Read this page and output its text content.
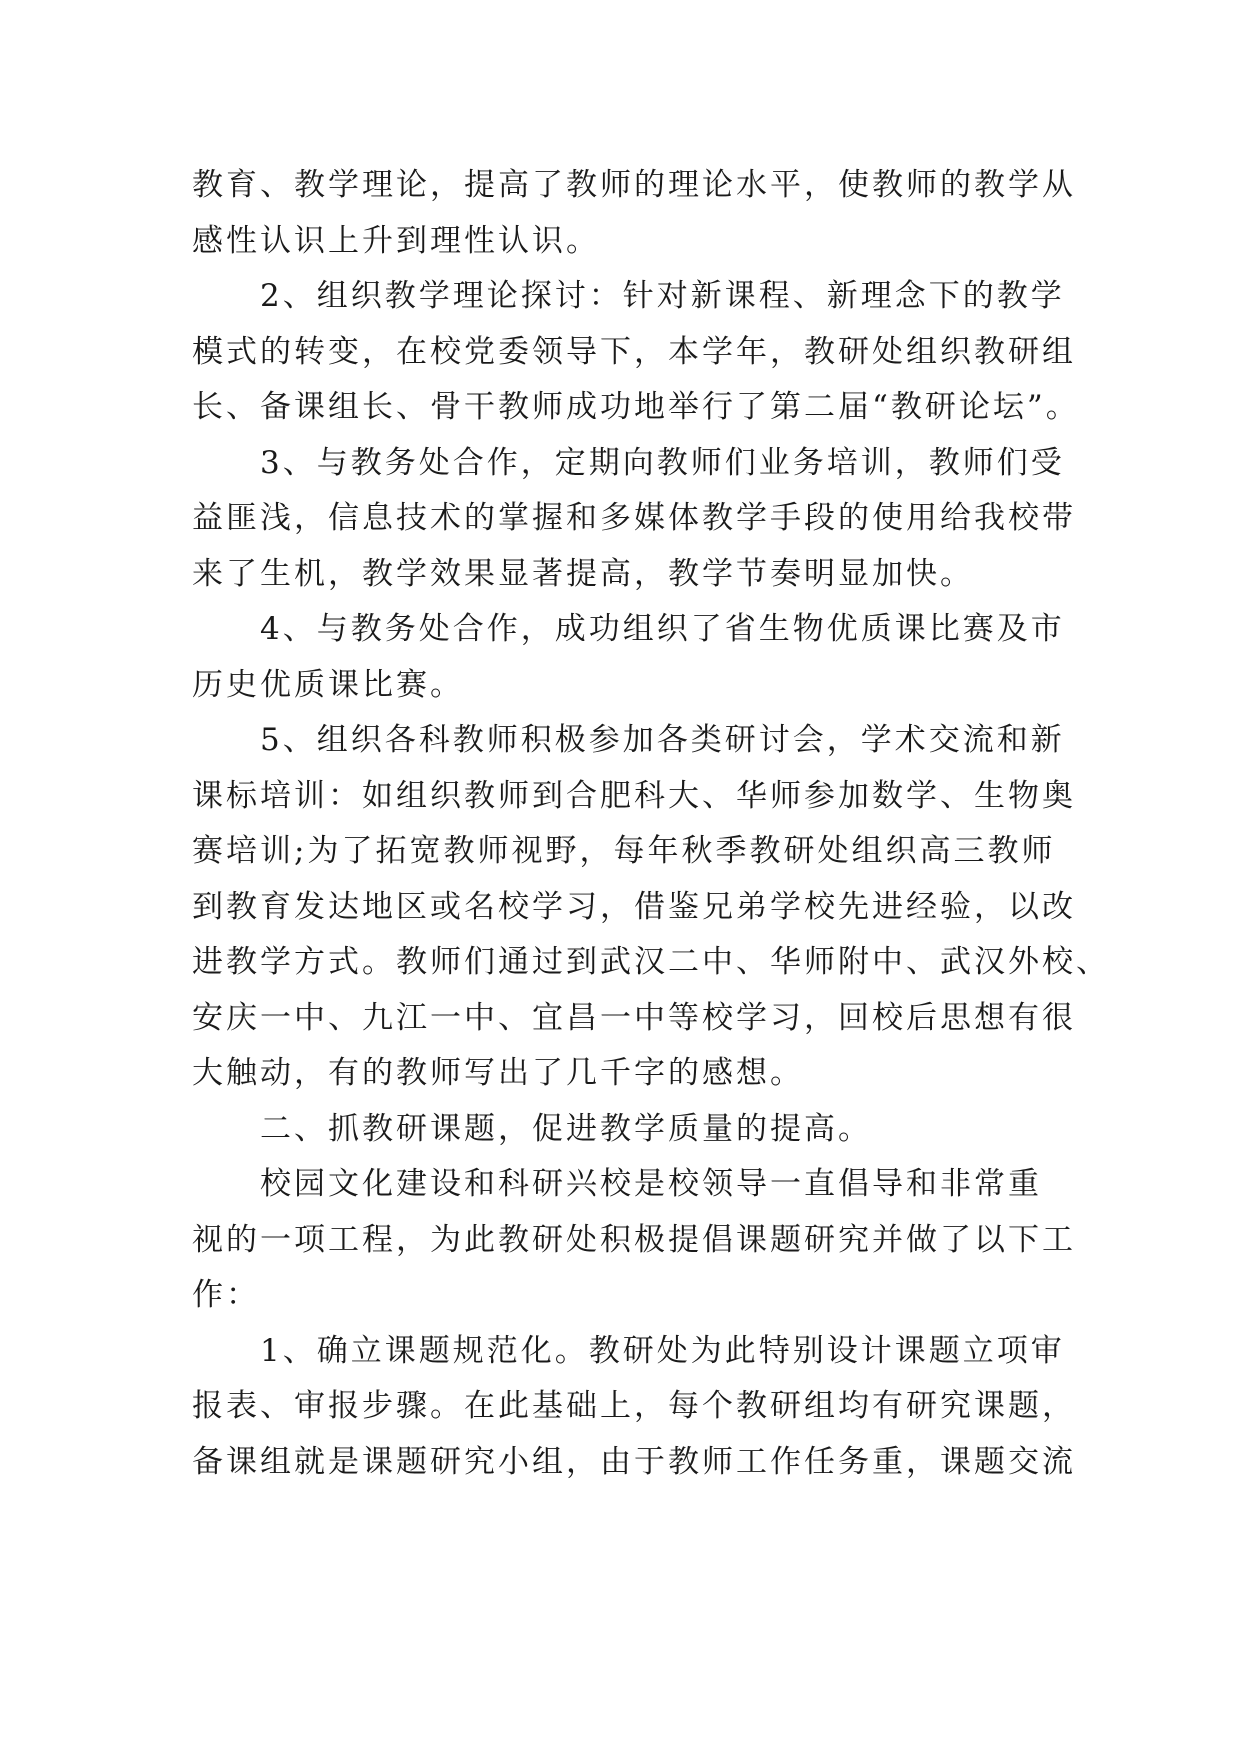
教育、教学理论，提高了教师的理论水平，使教师的教学从
感性认识上升到理性认识。
　　2、组织教学理论探讨：针对新课程、新理念下的教学
模式的转变，在校党委领导下，本学年，教研处组织教研组
长、备课组长、骨干教师成功地举行了第二届“教研论坛”。
　　3、与教务处合作，定期向教师们业务培训，教师们受
益匪浅，信息技术的掌握和多媒体教学手段的使用给我校带
来了生机，教学效果显著提高，教学节奏明显加快。
　　4、与教务处合作，成功组织了省生物优质课比赛及市
历史优质课比赛。
　　5、组织各科教师积极参加各类研讨会，学术交流和新
课标培训：如组织教师到合肥科大、华师参加数学、生物奥
赛培训;为了拓宽教师视野，每年秋季教研处组织高三教师
到教育发达地区或名校学习，借鉴兄弟学校先进经验，以改
进教学方式。教师们通过到武汉二中、华师附中、武汉外校、
安庆一中、九江一中、宜昌一中等校学习，回校后思想有很
大触动，有的教师写出了几千字的感想。
　　二、抓教研课题，促进教学质量的提高。
　　校园文化建设和科研兴校是校领导一直倡导和非常重
视的一项工程，为此教研处积极提倡课题研究并做了以下工
作：
　　1、确立课题规范化。教研处为此特别设计课题立项审
报表、审报步骤。在此基础上，每个教研组均有研究课题，
备课组就是课题研究小组，由于教师工作任务重，课题交流
